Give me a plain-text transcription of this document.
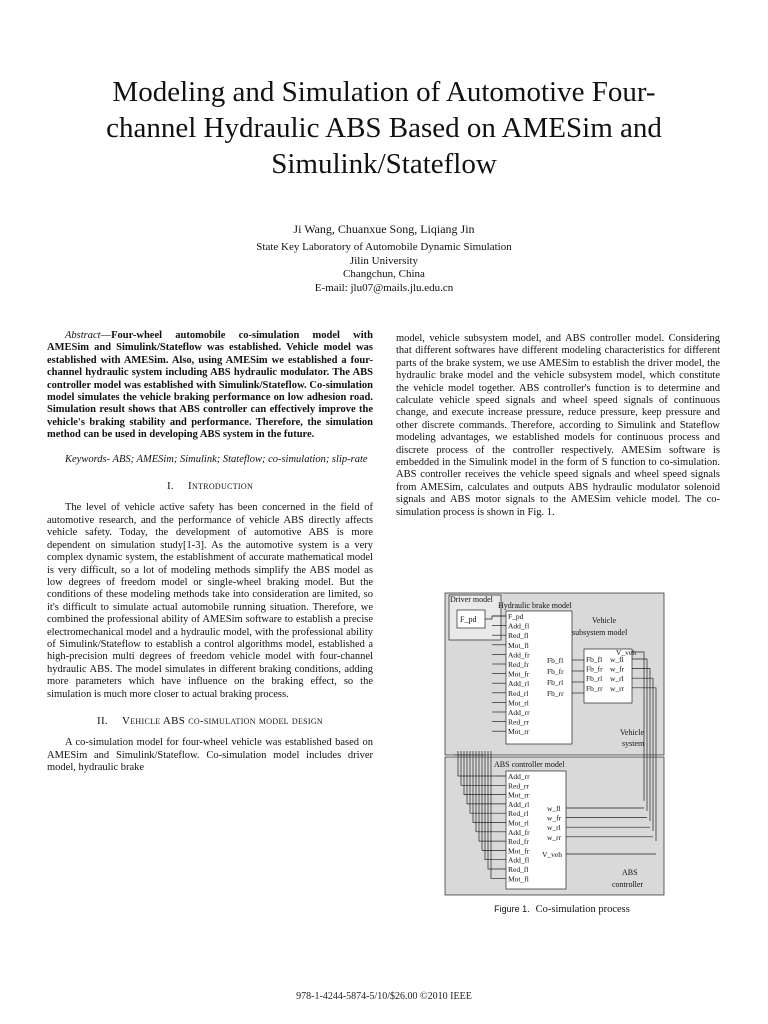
Modeling and Simulation of Automotive Four-
channel Hydraulic ABS Based on AMESim and
Simulink/Stateflow
Ji Wang, Chuanxue Song, Liqiang Jin
State Key Laboratory of Automobile Dynamic Simulation
Jilin University
Changchun, China
E-mail: jlu07@mails.jlu.edu.cn

Abstract—Four-wheel automobile co-simulation model with AMESim and Simulink/Stateflow was established. Vehicle model was established with AMESim. Also, using AMESim we established a four-channel hydraulic system including ABS hydraulic modulator. The ABS controller model was established with Simulink/Stateflow. Co-simulation model simulates the vehicle braking performance on low adhesion road. Simulation result shows that ABS controller can effectively improve the vehicle's braking stability and performance. Therefore, the simulation method can be used in developing ABS system in the future.

Keywords- ABS; AMESim; Simulink; Stateflow; co-simulation; slip-rate

I. Introduction

The level of vehicle active safety has been concerned in the field of automotive research, and the performance of vehicle ABS directly affects vehicle safety. Today, the development of automotive ABS is more dependent on simulation study[1-3]. As the automotive system is a very complex dynamic system, the establishment of accurate mathematical model is very difficult, so a lot of modeling methods simplify the ABS model as low degrees of freedom model or single-wheel braking model. But the conditions of these modeling methods take into consideration are limited, so it's difficult to simulate actual automobile running situation. Therefore, we combined the professional ability of AMESim software to establish a precise electromechanical model and a hydraulic model, with the professional ability of Simulink/Stateflow to establish a control algorithms model, established a high-precision multi degrees of freedom vehicle model with four-channel hydraulic ABS. The model simulates in different braking conditions, adding more parameters which have influence on the braking effect, so the simulation is much more closer to actual braking process.

II. Vehicle ABS co-simulation model design

A co-simulation model for four-wheel vehicle was established based on AMESim and Simulink/Stateflow. Co-simulation model includes driver model, hydraulic brake

model, vehicle subsystem model, and ABS controller model. Considering that different softwares have different modeling characteristics for different parts of the brake system, we use AMESim to establish the driver model, the hydraulic brake model and the vehicle subsystem model, which constitute the vehicle model together. ABS controller's function is to determine and calculate vehicle speed signals and wheel speed signals of continuous change, and execute increase pressure, reduce pressure, keep pressure and other discrete commands. Therefore, according to Simulink and Stateflow modeling advantages, we established models for continuous process and discrete process of the controller respectively. AMESim software is embedded in the Simulink model in the form of S function to co-simulation. ABS controller receives the vehicle speed signals and wheel speed signals from AMESim, calculates and outputs ABS hydraulic modulator solenoid signals and ABS motor signals to the AMESim vehicle model. The co-simulation process is shown in Fig. 1.

Driver model
F_pd
Hydraulic brake model
Vehicle
subsystem model
Vehicle
system
ABS controller model
ABS
controller
F_pd
Add_fl
Red_fl
Mot_fl
Add_fr
Red_fr
Mot_fr
Add_rl
Red_rl
Mot_rl
Add_rr
Red_rr
Mot_rr
Fb_fl
Fb_fr
Fb_rl
Fb_rr
Fb_fl
Fb_fr
Fb_rl
Fb_rr
V_veh
w_fl
w_fr
w_rl
w_rr
Add_rr
Red_rr
Mot_rr
Add_rl
Red_rl
Mot_rl
Add_fr
Red_fr
Mot_fr
Add_fl
Red_fl
Mot_fl
w_fl
w_fr
w_rl
w_rr
V_veh
Figure 1. Co-simulation process
978-1-4244-5874-5/10/$26.00 ©2010 IEEE
